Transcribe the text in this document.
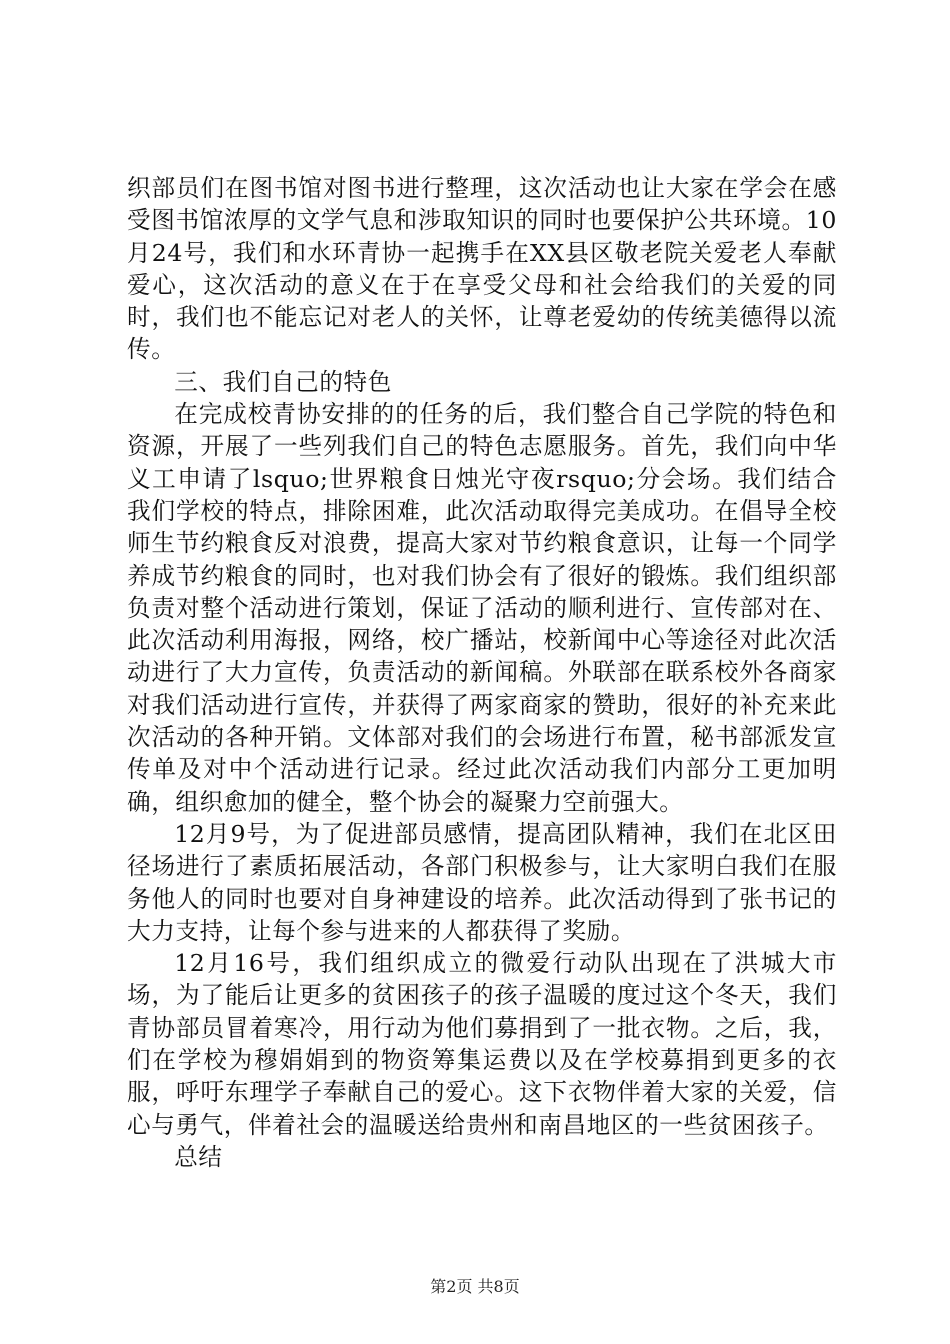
织部员们在图书馆对图书进行整理，这次活动也让大家在学会在感受图书馆浓厚的文学气息和涉取知识的同时也要保护公共环境。10月24号，我们和水环青协一起携手在XX县区敬老院关爱老人奉献爱心，这次活动的意义在于在享受父母和社会给我们的关爱的同时，我们也不能忘记对老人的关怀，让尊老爱幼的传统美德得以流传。

三、我们自己的特色

在完成校青协安排的的任务的后，我们整合自己学院的特色和资源，开展了一些列我们自己的特色志愿服务。首先，我们向中华义工申请了lsquo;世界粮食日烛光守夜rsquo;分会场。我们结合我们学校的特点，排除困难，此次活动取得完美成功。在倡导全校师生节约粮食反对浪费，提高大家对节约粮食意识，让每一个同学养成节约粮食的同时，也对我们协会有了很好的锻炼。我们组织部负责对整个活动进行策划，保证了活动的顺利进行、宣传部对在、此次活动利用海报，网络，校广播站，校新闻中心等途径对此次活动进行了大力宣传，负责活动的新闻稿。外联部在联系校外各商家对我们活动进行宣传，并获得了两家商家的赞助，很好的补充来此次活动的各种开销。文体部对我们的会场进行布置，秘书部派发宣传单及对中个活动进行记录。经过此次活动我们内部分工更加明确，组织愈加的健全，整个协会的凝聚力空前强大。

12月9号，为了促进部员感情，提高团队精神，我们在北区田径场进行了素质拓展活动，各部门积极参与，让大家明白我们在服务他人的同时也要对自身神建设的培养。此次活动得到了张书记的大力支持，让每个参与进来的人都获得了奖励。

12月16号，我们组织成立的微爱行动队出现在了洪城大市场，为了能后让更多的贫困孩子的孩子温暖的度过这个冬天，我们青协部员冒着寒冷，用行动为他们募捐到了一批衣物。之后，我，们在学校为穆娟娟到的物资筹集运费以及在学校募捐到更多的衣服，呼吁东理学子奉献自己的爱心。这下衣物伴着大家的关爱，信心与勇气，伴着社会的温暖送给贵州和南昌地区的一些贫困孩子。

总结

第2页 共8页
